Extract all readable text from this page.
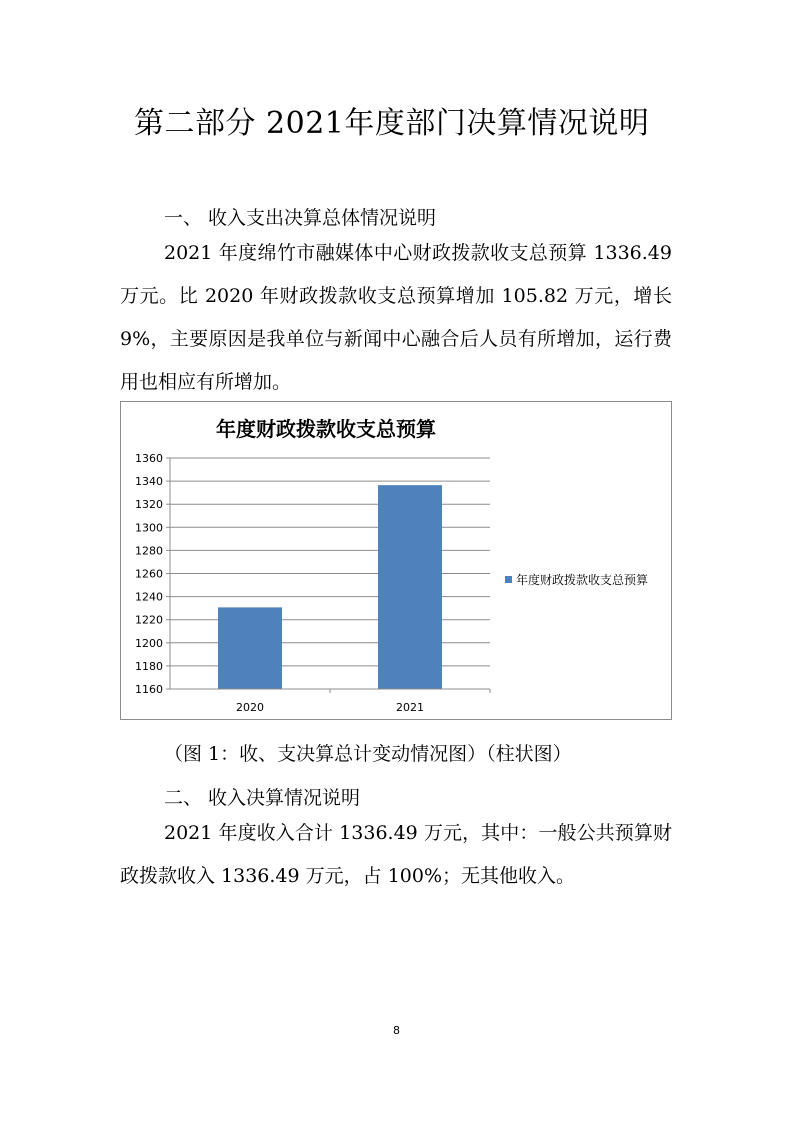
第二部分 2021年度部门决算情况说明

一、 收入支出决算总体情况说明

2021 年度绵竹市融媒体中心财政拨款收支总预算 1336.49 万元。比 2020 年财政拨款收支总预算增加 105.82 万元，增长 9%，主要原因是我单位与新闻中心融合后人员有所增加，运行费用也相应有所增加。

年度财政拨款收支总预算
1160
1180
1200
1220
1240
1260
1280
1300
1320
1340
1360
2020	2021
年度财政拨款收支总预算

（图 1：收、支决算总计变动情况图）（柱状图）

二、 收入决算情况说明

2021 年度收入合计 1336.49 万元，其中：一般公共预算财政拨款收入 1336.49 万元，占 100%；无其他收入。

8
